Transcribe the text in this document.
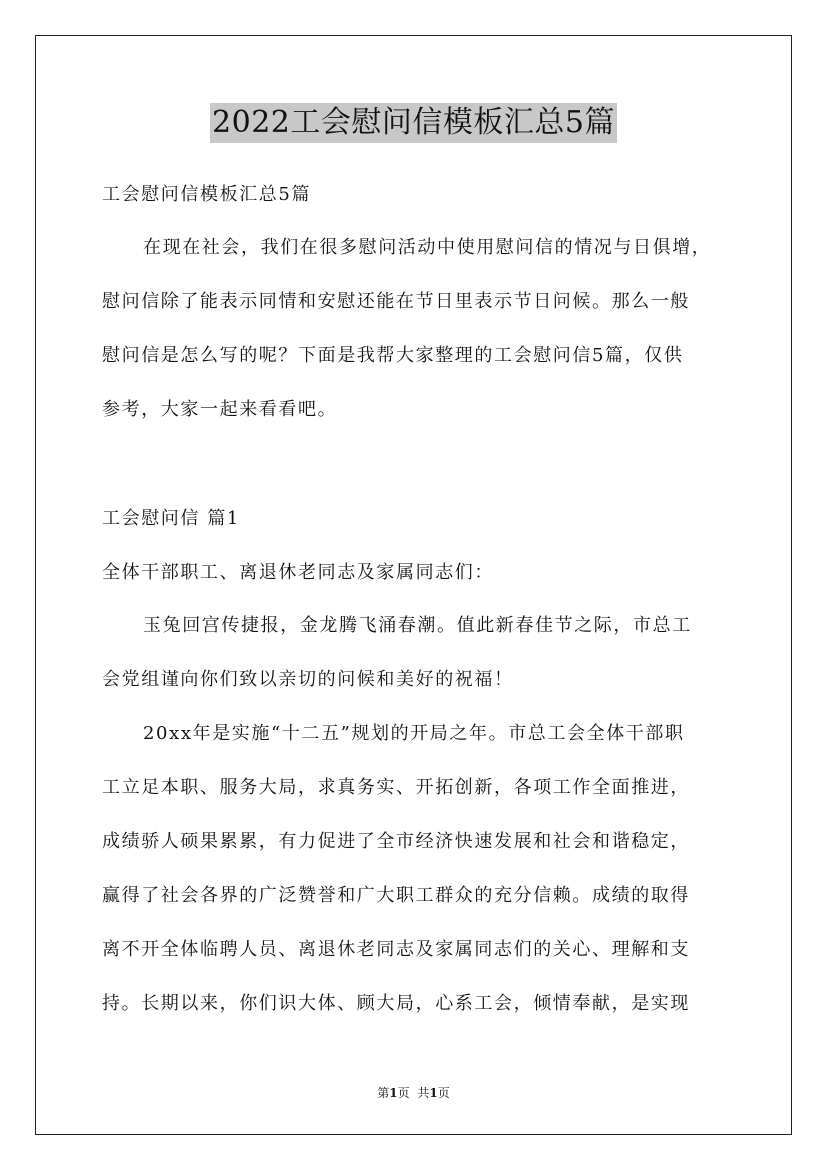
2022工会慰问信模板汇总5篇
工会慰问信模板汇总5篇
在现在社会，我们在很多慰问活动中使用慰问信的情况与日俱增，
慰问信除了能表示同情和安慰还能在节日里表示节日问候。那么一般
慰问信是怎么写的呢？下面是我帮大家整理的工会慰问信5篇，仅供
参考，大家一起来看看吧。
工会慰问信 篇1
全体干部职工、离退休老同志及家属同志们：
玉兔回宫传捷报，金龙腾飞涌春潮。值此新春佳节之际，市总工
会党组谨向你们致以亲切的问候和美好的祝福！
20xx年是实施“十二五”规划的开局之年。市总工会全体干部职
工立足本职、服务大局，求真务实、开拓创新，各项工作全面推进，
成绩骄人硕果累累，有力促进了全市经济快速发展和社会和谐稳定，
赢得了社会各界的广泛赞誉和广大职工群众的充分信赖。成绩的取得
离不开全体临聘人员、离退休老同志及家属同志们的关心、理解和支
持。长期以来，你们识大体、顾大局，心系工会，倾情奉献，是实现
第1页 共1页
